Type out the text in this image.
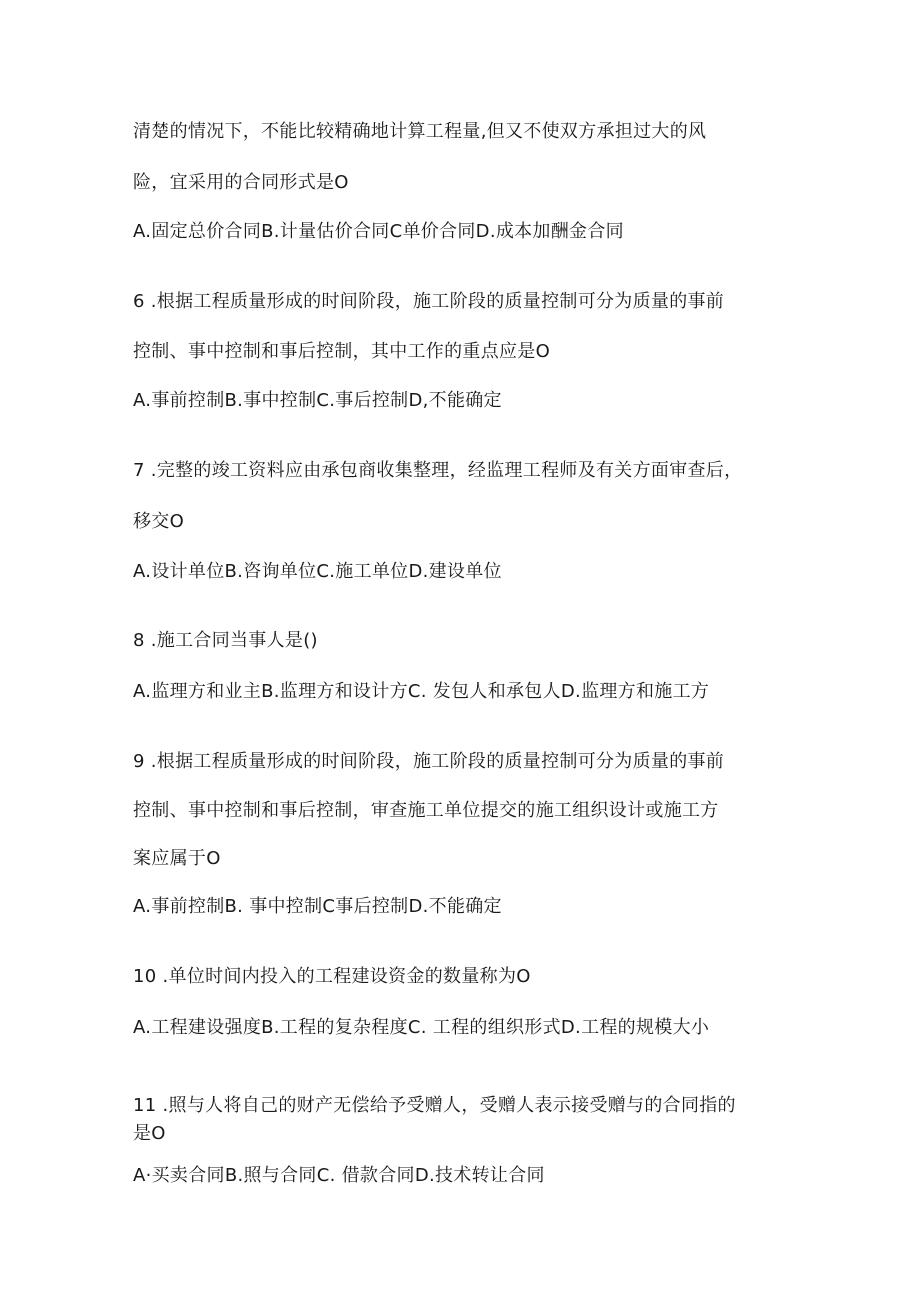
清楚的情况下，不能比较精确地计算工程量,但又不使双方承担过大的风
险，宜采用的合同形式是O
A.固定总价合同B.计量估价合同C单价合同D.成本加酬金合同
6 .根据工程质量形成的时间阶段，施工阶段的质量控制可分为质量的事前
控制、事中控制和事后控制，其中工作的重点应是O
A.事前控制B.事中控制C.事后控制D,不能确定
7 .完整的竣工资料应由承包商收集整理，经监理工程师及有关方面审查后，
移交O
A.设计单位B.咨询单位C.施工单位D.建设单位
8 .施工合同当事人是()
A.监理方和业主B.监理方和设计方C. 发包人和承包人D.监理方和施工方
9 .根据工程质量形成的时间阶段，施工阶段的质量控制可分为质量的事前
控制、事中控制和事后控制，审查施工单位提交的施工组织设计或施工方
案应属于O
A.事前控制B. 事中控制C事后控制D.不能确定
10 .单位时间内投入的工程建设资金的数量称为O
A.工程建设强度B.工程的复杂程度C. 工程的组织形式D.工程的规模大小
11 .照与人将自己的财产无偿给予受赠人，受赠人表示接受赠与的合同指的
是O
A·买卖合同B.照与合同C. 借款合同D.技术转让合同
